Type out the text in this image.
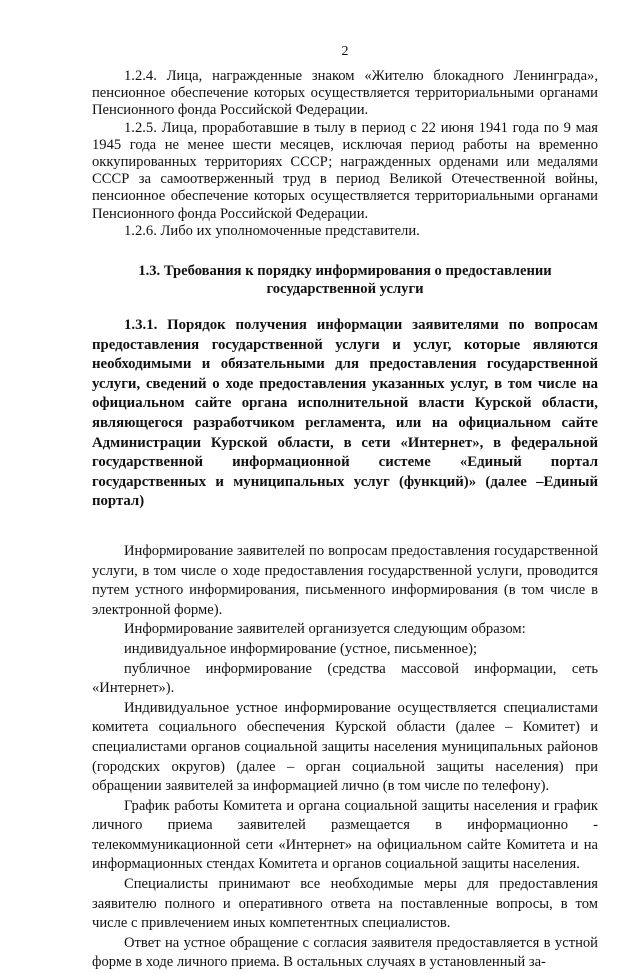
2

1.2.4. Лица, награжденные знаком «Жителю блокадного Ленинграда», пенсионное обеспечение которых осуществляется территориальными органами Пенсионного фонда Российской Федерации.

1.2.5. Лица, проработавшие в тылу в период с 22 июня 1941 года по 9 мая 1945 года не менее шести месяцев, исключая период работы на временно оккупированных территориях СССР; награжденных орденами или медалями СССР за самоотверженный труд в период Великой Отечественной войны, пенсионное обеспечение которых осуществляется территориальными органами Пенсионного фонда Российской Федерации.

1.2.6. Либо их уполномоченные представители.

1.3. Требования к порядку информирования о предоставлении государственной услуги

1.3.1. Порядок получения информации заявителями по вопросам предоставления государственной услуги и услуг, которые являются необходимыми и обязательными для предоставления государственной услуги, сведений о ходе предоставления указанных услуг, в том числе на официальном сайте органа исполнительной власти Курской области, являющегося разработчиком регламента, или на официальном сайте Администрации Курской области, в сети «Интернет», в федеральной государственной информационной системе «Единый портал государственных и муниципальных услуг (функций)» (далее –Единый портал)

Информирование заявителей по вопросам предоставления государственной услуги, в том числе о ходе предоставления государственной услуги, проводится путем устного информирования, письменного информирования (в том числе в электронной форме).

Информирование заявителей организуется следующим образом:

индивидуальное информирование (устное, письменное);

публичное информирование (средства массовой информации, сеть «Интернет»).

Индивидуальное устное информирование осуществляется специалистами комитета социального обеспечения Курской области (далее – Комитет) и специалистами органов социальной защиты населения муниципальных районов (городских округов) (далее – орган социальной защиты населения) при обращении заявителей за информацией лично (в том числе по телефону).

График работы Комитета и органа социальной защиты населения и график личного приема заявителей размещается в информационно - телекоммуникационной сети «Интернет» на официальном сайте Комитета и на информационных стендах Комитета и органов социальной защиты населения.

Специалисты принимают все необходимые меры для предоставления заявителю полного и оперативного ответа на поставленные вопросы, в том числе с привлечением иных компетентных специалистов.

Ответ на устное обращение с согласия заявителя предоставляется в устной форме в ходе личного приема. В остальных случаях в установленный за-
